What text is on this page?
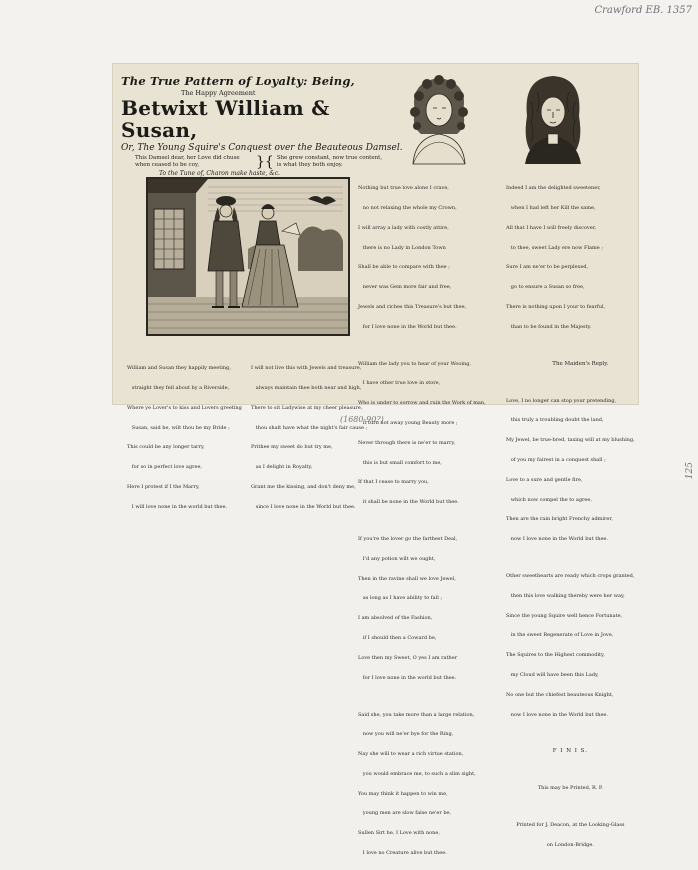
Crawford EB. 1357
125
(1680-90?)
The True Pattern of Loyalty: Being,
The Happy Agreement
Betwixt William & Susan,
Or, The Young Squire's Conquest over the Beauteous Damsel.
This Damsel dear, her Love did chuse
when ceased to be coy,	}{ She grew constant, now true content,
is what they both enjoy.
To the Tune of, Charon make haste, &c.

William and Susan they happily meeting,

straight they fell about by a Riverside,

Where ye Lover's to kiss and Lovers greeting

Susan, said he, wilt thou be my Bride ;

This could be any longer tarry,

for so in perfect love agree,

Here I protest if I the Marry,

I will love none in the world but thee.

I will not live this with Jewels and treasure,

always maintain thee both near and high,

There to sit Ladywise at my cheer pleasure,

thou shalt have what the night's fair cause ;

Prithee my sweet do but try me,

as I delight in Royalty,

Grant me the kissing, and don't deny me,

since I love none in the World but thee.

Nothing but true love alone I crave,

no not relaxing the whole my Crown,

I will array a lady with costly attire,

there is no Lady in London Town

Shall be able to compare with thee ;

never was Gem more fair and free,

Jewels and riches this Treasure's but thee,

for I love none in the World but thee.

William the lady you to hear of your Wooing,

I have other true love in store,

Who is under to sorrow and ruin the Work of man,

it turn not away young Beauty more ;

Never through there is ne'er to marry,

this is but small comfort to me,

If that I cease to marry you,

it shall be none in the World but thee.

If you're the lover go the farthest Deal,

I'd any potion wilt we ought,

Then in the ravine shall we love Jewel,

as long as I have ability to fall ;

I am absolved of the Fashion,

if I should then a Coward be,

Love then my Sweet, O yes I am rather

for I love none in the world but thee.

Said she, you take more than a large relation,

now you will ne'er bye for the Ring,

Nay she will to wear a rich virtue station,

you would embrace me, to such a slim sight,

You may think it happen to win me,

young men are slow false ne'er be,

Sullen Sirt he, I Love with none,

I love no Creature alive but thee.

Indeed I am the delighted sweetener,

when I had left her Kill the same,

All that I have I will freely discover,

to thee, sweet Lady ere now Flame ;

Sure I am ne'er to be perplexed,

go to ensure a Susan so free,

There is nothing upon I your to fearful,

than to be found in the Majesty.

The Maiden's Reply.

Love, I no longer can stop your pretending,

this truly a troubling doubt the land,

My Jewel, be true-bred, taxing will at my blushing,

of you my fairest in a conquest shall ;

Love to a sure and gentle fire,

which now compel the to agree,

Then are the rain bright Frenchy admirer,

now I love none in the World but thee.

Other sweethearts are ready which crops granted,

then this love walking thereby were her way,

Since the young Squire well hence Fortunate,

in the sweet Regenerate of Love in Jove,

The Squires to the Highest commodity,

my Cloud will have been this Lady,

No one but the chiefest beauteous Knight,

now I love none in the World but thee.

F I N I S.

This may be Printed, R. P.

Printed for J. Deacon, at the Looking-Glass

on London-Bridge.
